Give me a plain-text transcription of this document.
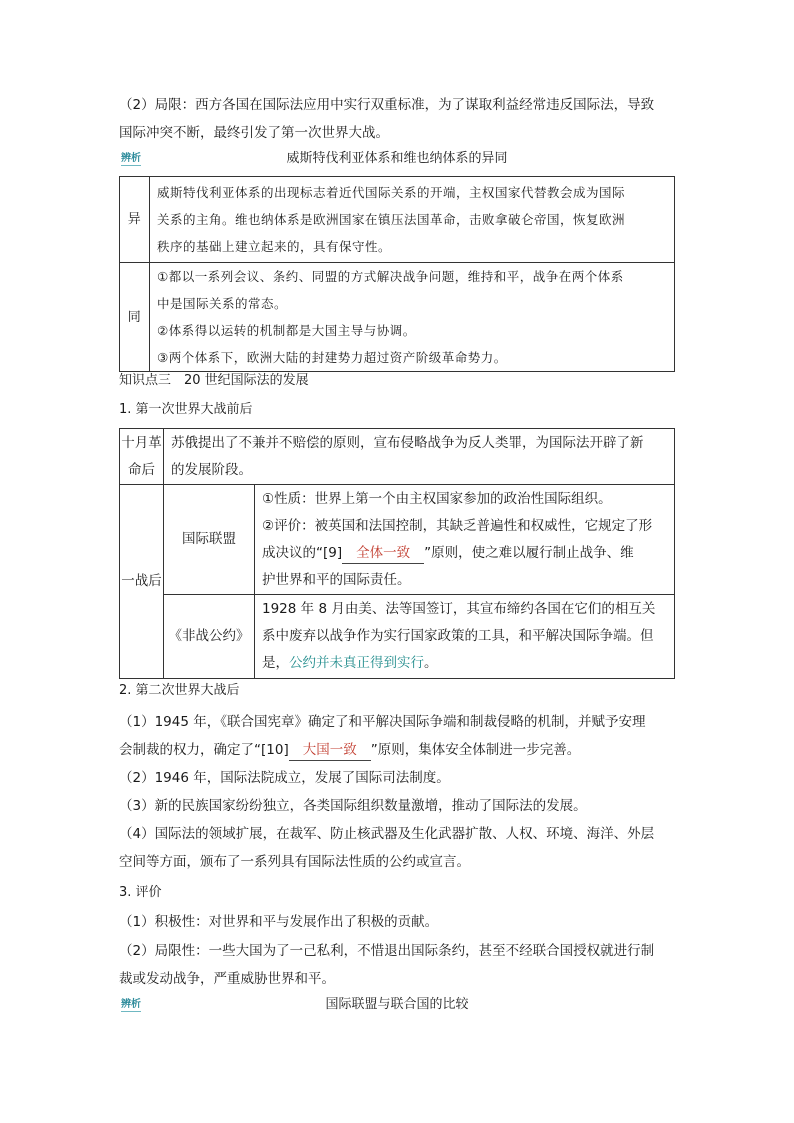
（2）局限：西方各国在国际法应用中实行双重标准，为了谋取利益经常违反国际法，导致
国际冲突不断，最终引发了第一次世界大战。

辨析	威斯特伐利亚体系和维也纳体系的异同
异	威斯特伐利亚体系的出现标志着近代国际关系的开端，主权国家代替教会成为国际
关系的主角。维也纳体系是欧洲国家在镇压法国革命，击败拿破仑帝国，恢复欧洲
秩序的基础上建立起来的，具有保守性。

同	①都以一系列会议、条约、同盟的方式解决战争问题，维持和平，战争在两个体系
中是国际关系的常态。
②体系得以运转的机制都是大国主导与协调。
③两个体系下，欧洲大陆的封建势力超过资产阶级革命势力。
知识点三　20 世纪国际法的发展
1. 第一次世界大战前后
十月革
命后	苏俄提出了不兼并不赔偿的原则，宣布侵略战争为反人类罪，为国际法开辟了新
的发展阶段。	

一战后	国际联盟	①性质：世界上第一个由主权国家参加的政治性国际组织。
②评价：被英国和法国控制，其缺乏普遍性和权威性，它规定了形
成决议的“[9] 全体一致 ”原则，使之难以履行制止战争、维
护世界和平的国际责任。

	《非战公约》	1928 年 8 月由美、法等国签订，其宣布缔约各国在它们的相互关
系中废弃以战争作为实行国家政策的工具，和平解决国际争端。但
是，公约并未真正得到实行。
2. 第二次世界大战后

（1）1945 年，《联合国宪章》确定了和平解决国际争端和制裁侵略的机制，并赋予安理
会制裁的权力，确定了“[10] 大国一致 ”原则，集体安全体制进一步完善。

（2）1946 年，国际法院成立，发展了国际司法制度。
（3）新的民族国家纷纷独立，各类国际组织数量激增，推动了国际法的发展。

（4）国际法的领域扩展，在裁军、防止核武器及生化武器扩散、人权、环境、海洋、外层
空间等方面，颁布了一系列具有国际法性质的公约或宣言。

3. 评价
（1）积极性：对世界和平与发展作出了积极的贡献。

（2）局限性：一些大国为了一己私利，不惜退出国际条约，甚至不经联合国授权就进行制
裁或发动战争，严重威胁世界和平。

辨析	国际联盟与联合国的比较
